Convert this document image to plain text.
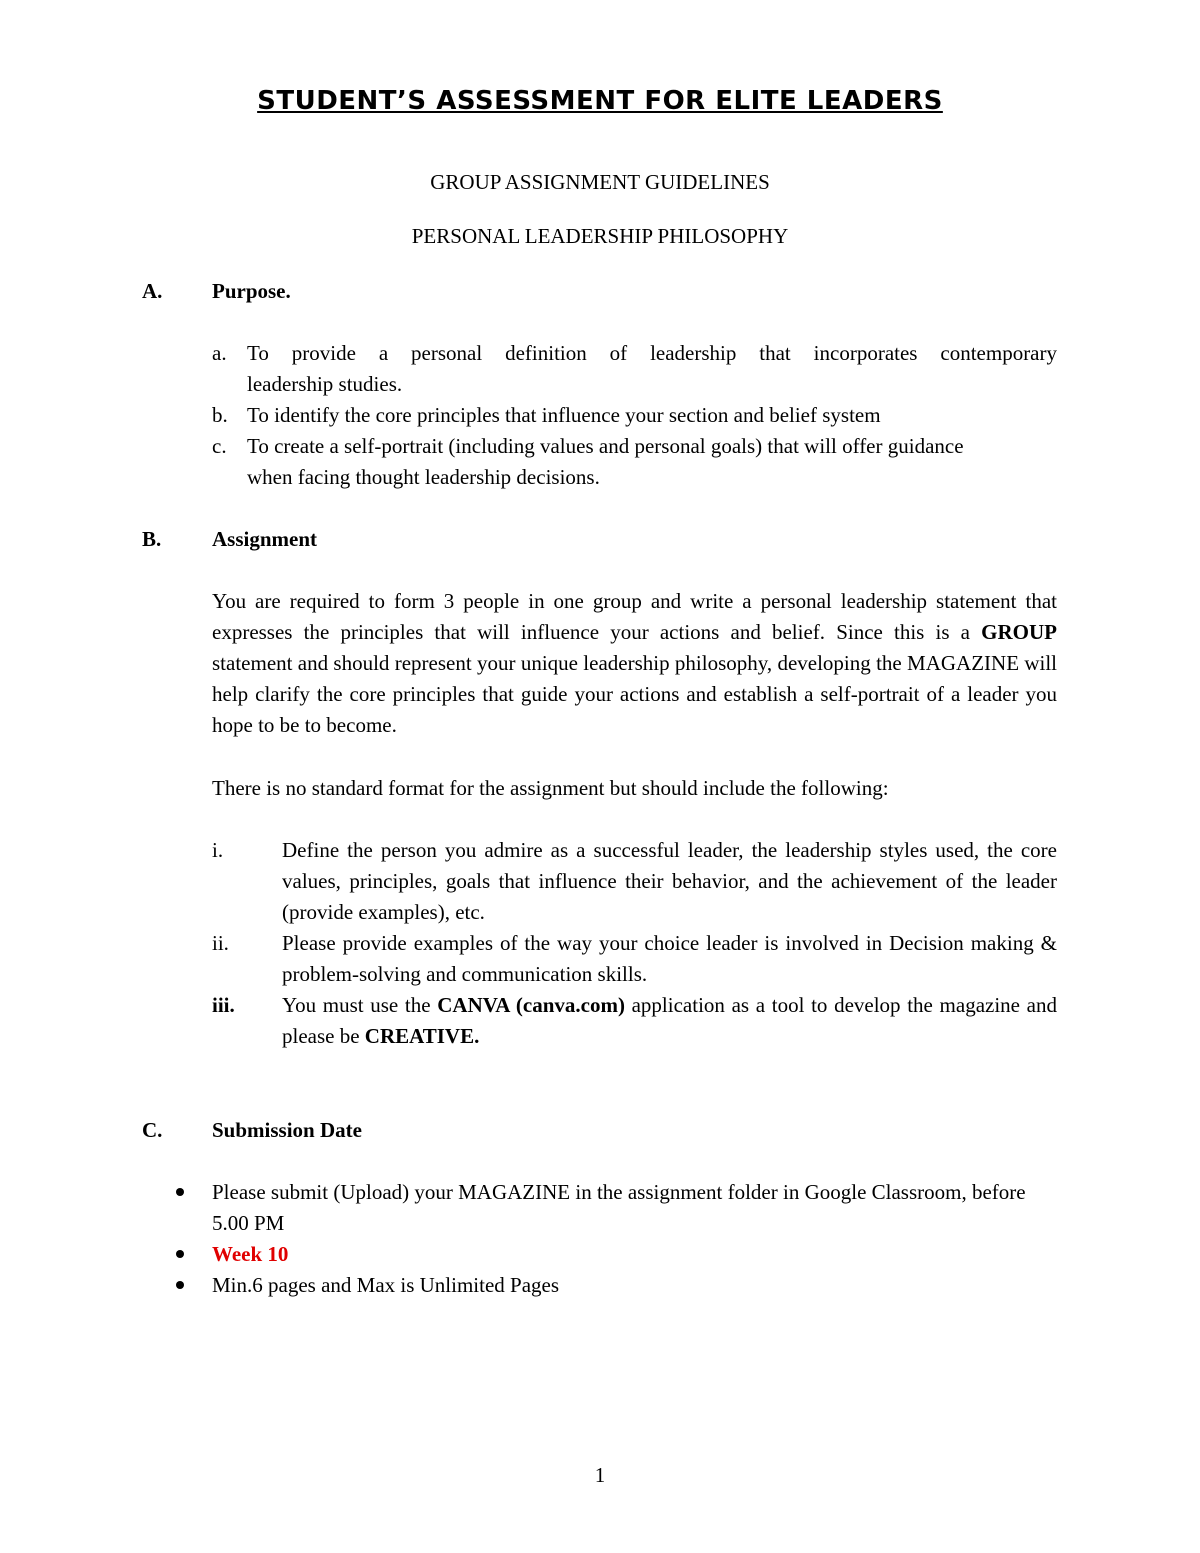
STUDENT’S ASSESSMENT FOR ELITE LEADERS
GROUP ASSIGNMENT GUIDELINES
PERSONAL LEADERSHIP PHILOSOPHY
A. Purpose.
a. To provide a personal definition of leadership that incorporates contemporary
leadership studies.
b. To identify the core principles that influence your section and belief system
c. To create a self-portrait (including values and personal goals) that will offer guidance
when facing thought leadership decisions.
B. Assignment
You are required to form 3 people in one group and write a personal leadership statement that expresses the principles that will influence your actions and belief. Since this is a GROUP statement and should represent your unique leadership philosophy, developing the MAGAZINE will help clarify the core principles that guide your actions and establish a self-portrait of a leader you hope to be to become.
There is no standard format for the assignment but should include the following:
i.	Define the person you admire as a successful leader, the leadership styles used, the core values, principles, goals that influence their behavior, and the achievement of the leader (provide examples), etc.
ii.	Please provide examples of the way your choice leader is involved in Decision making & problem-solving and communication skills.
iii. You must use the CANVA (canva.com) application as a tool to develop the magazine and please be CREATIVE.
C. Submission Date
Please submit (Upload) your MAGAZINE in the assignment folder in Google Classroom, before 5.00 PM
Week 10
Min.6 pages and Max is Unlimited Pages
1
